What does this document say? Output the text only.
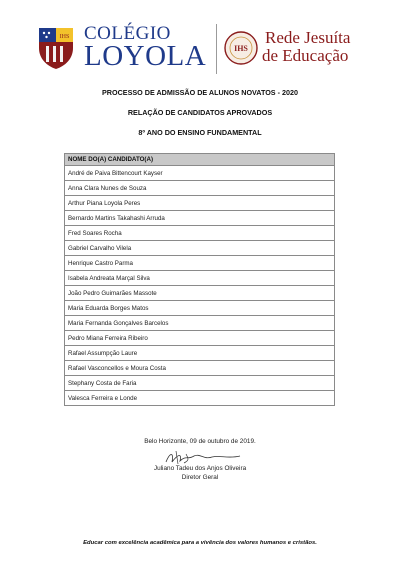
IHS COLÉGIO
LOYOLA	IHS
Rede Jesuíta
de Educação
PROCESSO DE ADMISSÃO DE ALUNOS NOVATOS - 2020
RELAÇÃO DE CANDIDATOS APROVADOS
8º ANO DO ENSINO FUNDAMENTAL
NOME DO(A) CANDIDATO(A)
André de Paiva Bittencourt Kayser
Anna Clara Nunes de Souza
Arthur Piana Loyola Peres
Bernardo Martins Takahashi Arruda
Fred Soares Rocha
Gabriel Carvalho Vilela
Henrique Castro Parma
Isabela Andreata Marçal Silva
João Pedro Guimarães Massote
Maria Eduarda Borges Matos
Maria Fernanda Gonçalves Barcelos
Pedro Miana Ferreira Ribeiro
Rafael Assumpção Laure
Rafael Vasconcellos e Moura Costa
Stephany Costa de Faria
Valesca Ferreira e Londe
Belo Horizonte, 09 de outubro de 2019.
Juliano Tadeu dos Anjos Oliveira
Diretor Geral
Educar com excelência acadêmica para a vivência dos valores humanos e cristãos.
